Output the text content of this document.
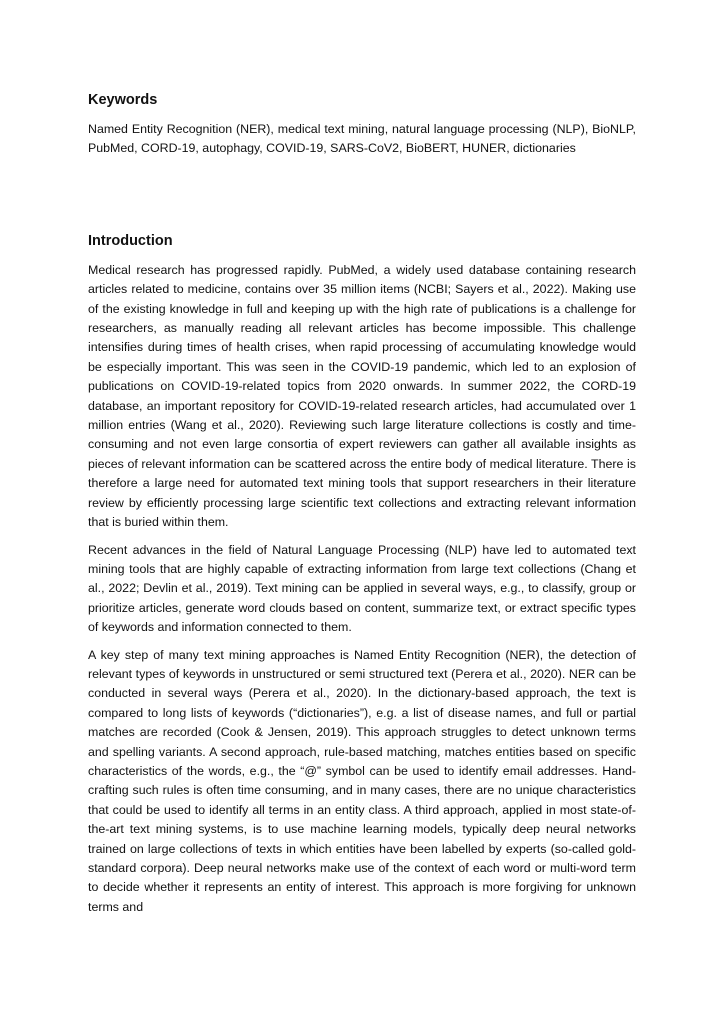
Keywords

Named Entity Recognition (NER), medical text mining, natural language processing (NLP), BioNLP, PubMed, CORD-19, autophagy, COVID-19, SARS-CoV2, BioBERT, HUNER, dictionaries

Introduction

Medical research has progressed rapidly. PubMed, a widely used database containing research articles related to medicine, contains over 35 million items (NCBI; Sayers et al., 2022). Making use of the existing knowledge in full and keeping up with the high rate of publications is a challenge for researchers, as manually reading all relevant articles has become impossible. This challenge intensifies during times of health crises, when rapid processing of accumulating knowledge would be especially important. This was seen in the COVID-19 pandemic, which led to an explosion of publications on COVID-19-related topics from 2020 onwards. In summer 2022, the CORD-19 database, an important repository for COVID-19-related research articles, had accumulated over 1 million entries (Wang et al., 2020). Reviewing such large literature collections is costly and time-consuming and not even large consortia of expert reviewers can gather all available insights as pieces of relevant information can be scattered across the entire body of medical literature. There is therefore a large need for automated text mining tools that support researchers in their literature review by efficiently processing large scientific text collections and extracting relevant information that is buried within them.

Recent advances in the field of Natural Language Processing (NLP) have led to automated text mining tools that are highly capable of extracting information from large text collections (Chang et al., 2022; Devlin et al., 2019). Text mining can be applied in several ways, e.g., to classify, group or prioritize articles, generate word clouds based on content, summarize text, or extract specific types of keywords and information connected to them.

A key step of many text mining approaches is Named Entity Recognition (NER), the detection of relevant types of keywords in unstructured or semi structured text (Perera et al., 2020). NER can be conducted in several ways (Perera et al., 2020). In the dictionary-based approach, the text is compared to long lists of keywords (“dictionaries”), e.g. a list of disease names, and full or partial matches are recorded (Cook & Jensen, 2019). This approach struggles to detect unknown terms and spelling variants. A second approach, rule-based matching, matches entities based on specific characteristics of the words, e.g., the “@” symbol can be used to identify email addresses. Hand-crafting such rules is often time consuming, and in many cases, there are no unique characteristics that could be used to identify all terms in an entity class. A third approach, applied in most state-of-the-art text mining systems, is to use machine learning models, typically deep neural networks trained on large collections of texts in which entities have been labelled by experts (so-called gold-standard corpora). Deep neural networks make use of the context of each word or multi-word term to decide whether it represents an entity of interest. This approach is more forgiving for unknown terms and
